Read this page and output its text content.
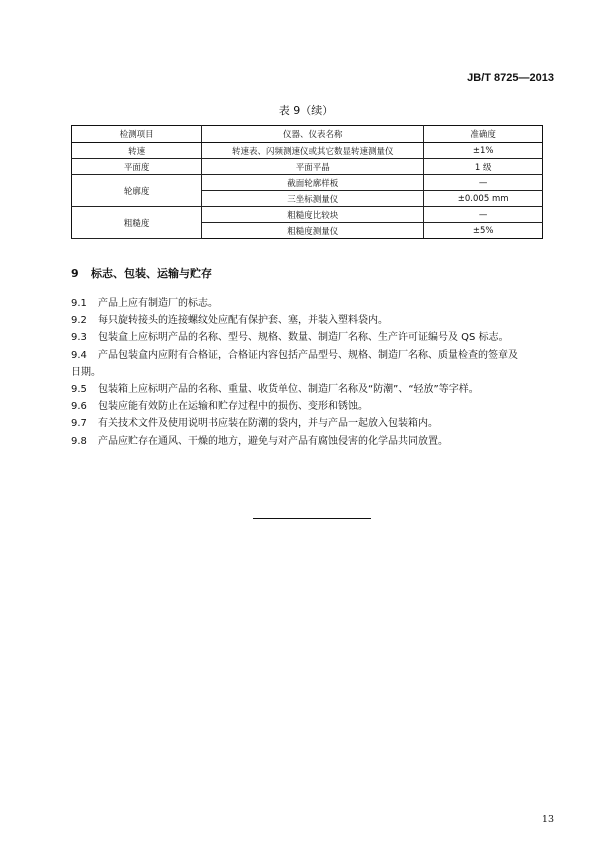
JB/T 8725—2013
表 9（续）
检测项目	仪器、仪表名称	准确度
转速	转速表、闪频测速仪或其它数显转速测量仪	±1%
平面度	平面平晶	1 级
轮廓度	截面轮廓样板	—
	三坐标测量仪	±0.005 mm
粗糙度	粗糙度比较块	—
	粗糙度测量仪	±5%
9 标志、包装、运输与贮存
9.1	产品上应有制造厂的标志。
9.2	每只旋转接头的连接螺纹处应配有保护套、塞，并装入塑料袋内。
9.3	包装盒上应标明产品的名称、型号、规格、数量、制造厂名称、生产许可证编号及 QS 标志。
9.4	产品包装盒内应附有合格证，合格证内容包括产品型号、规格、制造厂名称、质量检查的签章及
日期。
9.5	包装箱上应标明产品的名称、重量、收货单位、制造厂名称及“防潮”、“轻放”等字样。
9.6	包装应能有效防止在运输和贮存过程中的损伤、变形和锈蚀。
9.7	有关技术文件及使用说明书应装在防潮的袋内，并与产品一起放入包装箱内。
9.8	产品应贮存在通风、干燥的地方，避免与对产品有腐蚀侵害的化学品共同放置。
13
